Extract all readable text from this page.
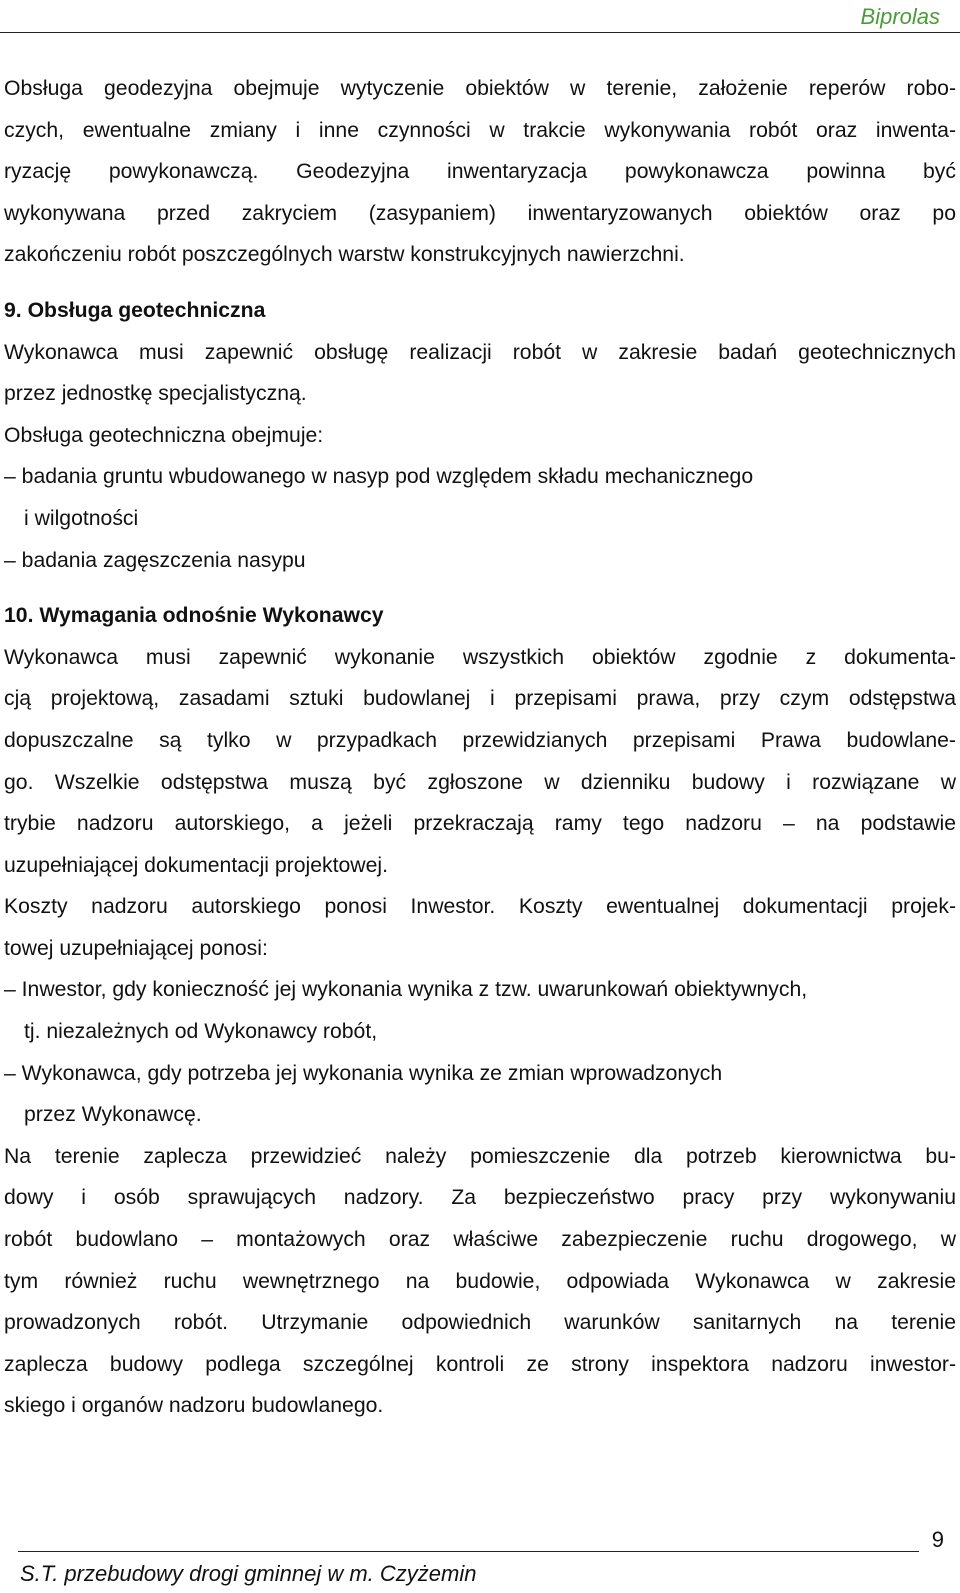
Biprolas
Obsługa geodezyjna obejmuje wytyczenie obiektów w terenie, założenie reperów robo-
czych, ewentualne zmiany i inne czynności w trakcie wykonywania robót oraz inwenta-
ryzację powykonawczą. Geodezyjna inwentaryzacja powykonawcza powinna być
wykonywana przed zakryciem (zasypaniem) inwentaryzowanych obiektów oraz po
zakończeniu robót poszczególnych warstw konstrukcyjnych nawierzchni.
9. Obsługa geotechniczna
Wykonawca musi zapewnić obsługę realizacji robót w zakresie badań geotechnicznych
przez jednostkę specjalistyczną.
Obsługa geotechniczna obejmuje:
– badania gruntu wbudowanego w nasyp pod względem składu mechanicznego
i wilgotności
– badania zagęszczenia nasypu
10. Wymagania odnośnie Wykonawcy
Wykonawca musi zapewnić wykonanie wszystkich obiektów zgodnie z dokumenta-
cją projektową, zasadami sztuki budowlanej i przepisami prawa, przy czym odstępstwa
dopuszczalne są tylko w przypadkach przewidzianych przepisami Prawa budowlane-
go. Wszelkie odstępstwa muszą być zgłoszone w dzienniku budowy i rozwiązane w
trybie nadzoru autorskiego, a jeżeli przekraczają ramy tego nadzoru – na podstawie
uzupełniającej dokumentacji projektowej.
Koszty nadzoru autorskiego ponosi Inwestor. Koszty ewentualnej dokumentacji projek-
towej uzupełniającej ponosi:
– Inwestor, gdy konieczność jej wykonania wynika z tzw. uwarunkowań obiektywnych,
tj. niezależnych od Wykonawcy robót,
– Wykonawca, gdy potrzeba jej wykonania wynika ze zmian wprowadzonych
przez Wykonawcę.
Na terenie zaplecza przewidzieć należy pomieszczenie dla potrzeb kierownictwa bu-
dowy i osób sprawujących nadzory. Za bezpieczeństwo pracy przy wykonywaniu
robót budowlano – montażowych oraz właściwe zabezpieczenie ruchu drogowego, w
tym również ruchu wewnętrznego na budowie, odpowiada Wykonawca w zakresie
prowadzonych robót. Utrzymanie odpowiednich warunków sanitarnych na terenie
zaplecza budowy podlega szczególnej kontroli ze strony inspektora nadzoru inwestor-
skiego i organów nadzoru budowlanego.
9
S.T. przebudowy drogi gminnej w m. Czyżemin
